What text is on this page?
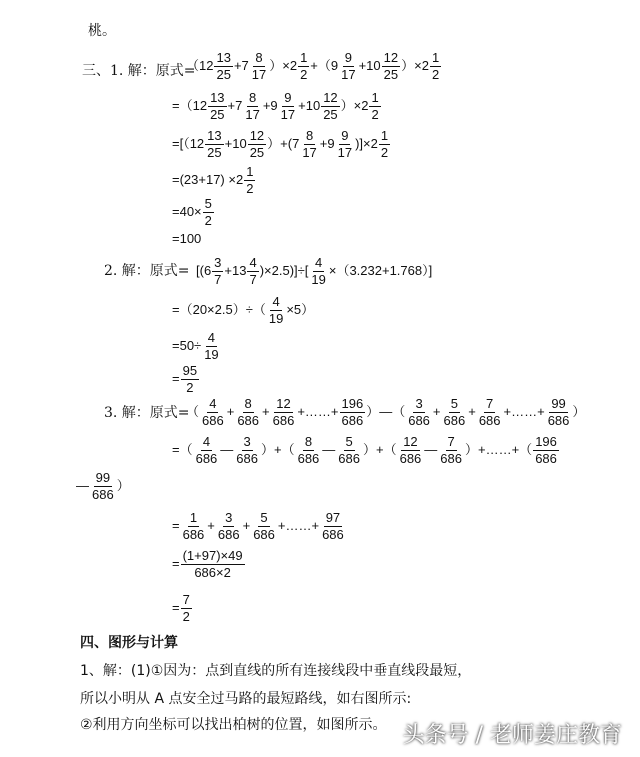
桃。
三、1. 解：原式=
$(12 \frac{13}{25} +7 \frac{8}{17} )\times 2 \frac{1}{2} +(9 \frac{9}{17} +10 \frac{12}{25} )\times 2 \frac{1}{2}$
$=(12 \frac{13}{25} +7 \frac{8}{17} +9 \frac{9}{17} +10 \frac{12}{25} )\times 2 \frac{1}{2}$
$=[(12 \frac{13}{25} +10 \frac{12}{25} )+(7 \frac{8}{17} +9 \frac{9}{17} )]\times 2 \frac{1}{2}$
$=(23+17) \times 2 \frac{1}{2}$
$=40\times \frac{5}{2}$
=100
2. 解：原式= $[(6 \frac{3}{7} +13 \frac{4}{7} )\times 2.5)]\div[ \frac{4}{19} \times(3.232+1.768)]$
$=(20\times 2.5)\div( \frac{4}{19} \times 5)$
$=50\div \frac{4}{19}$
= $\frac{95}{2}$
3. 解：原式=
（ $\frac{4}{686} + \frac{8}{686} + \frac{12}{686}$ +……+ $\frac{196}{686}$ ）—（ $\frac{3}{686} + \frac{5}{686} + \frac{7}{686}$ +……+ $\frac{99}{686}$ ）
=（ $\frac{4}{686}$ — $\frac{3}{686}$ ）+（ $\frac{8}{686}$ — $\frac{5}{686}$ ）+（ $\frac{12}{686}$ — $\frac{7}{686}$ ）+……+（ $\frac{196}{686}$
— $\frac{99}{686}$ ）
= $\frac{1}{686} + \frac{3}{686} + \frac{5}{686}$ +……+ $\frac{97}{686}$
= $\frac{(1+97)\times 49}{686\times 2}$
= $\frac{7}{2}$
四、图形与计算
1、解：(1)①因为：点到直线的所有连接线段中垂直线段最短，
所以小明从 A 点安全过马路的最短路线，如右图所示:
②利用方向坐标可以找出柏树的位置，如图所示。 头条号 / 老师姜庄教育
